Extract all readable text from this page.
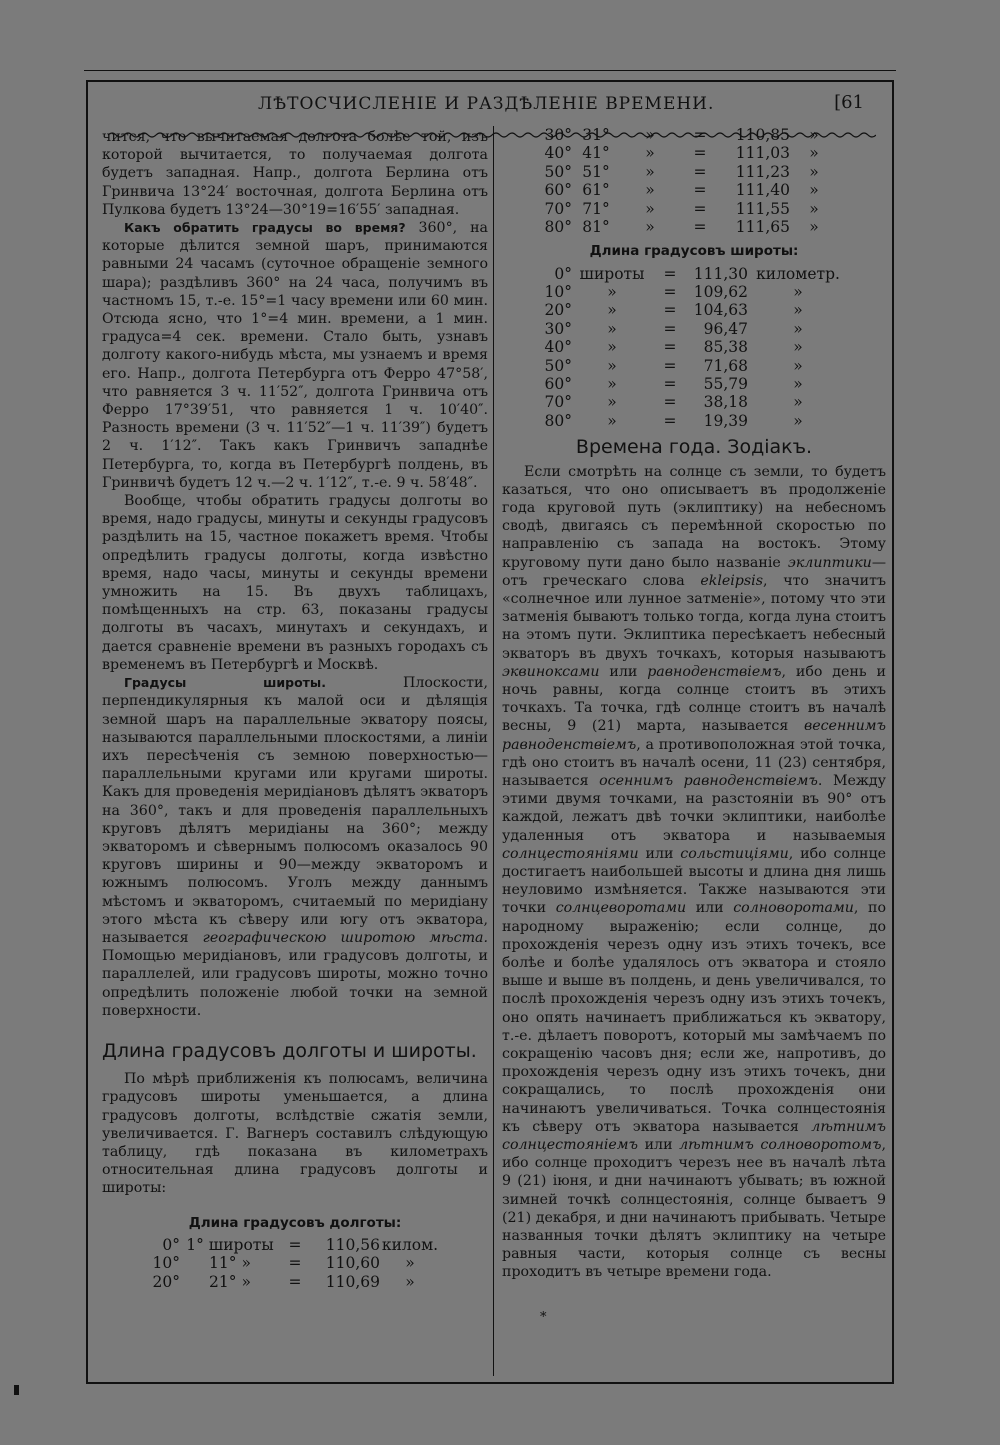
ЛѢТОСЧИСЛЕНІЕ И РАЗДѢЛЕНІЕ ВРЕМЕНИ.	[61

чится, что вычитаемая долгота болѣе той, изъ которой вычитается, то получаемая долгота будетъ западная. Напр., долгота Берлина отъ Гринвича 13°24′ восточная, долгота Берлина отъ Пулкова будетъ 13°24—30°19=16′55′ западная.

Какъ обратить градусы во время? 360°, на которые дѣлится земной шаръ, принимаются равными 24 часамъ (суточное обращеніе земного шара); раздѣливъ 360° на 24 часа, получимъ въ частномъ 15, т.-е. 15°=1 часу времени или 60 мин. Отсюда ясно, что 1°=4 мин. времени, а 1 мин. градуса=4 сек. времени. Стало быть, узнавъ долготу какого-нибудь мѣста, мы узнаемъ и время его. Напр., долгота Петербурга отъ Ферро 47°58′, что равняется 3 ч. 11′52″, долгота Гринвича отъ Ферро 17°39′51, что равняется 1 ч. 10′40″. Разность времени (3 ч. 11′52″—1 ч. 11′39″) будетъ 2 ч. 1′12″. Такъ какъ Гринвичъ западнѣе Петербурга, то, когда въ Петербургѣ полдень, въ Гринвичѣ будетъ 12 ч.—2 ч. 1′12″, т.-е. 9 ч. 58′48″.

Вообще, чтобы обратить градусы долготы во время, надо градусы, минуты и секунды градусовъ раздѣлить на 15, частное покажетъ время. Чтобы опредѣлить градусы долготы, когда извѣстно время, надо часы, минуты и секунды времени умножить на 15. Въ двухъ таблицахъ, помѣщенныхъ на стр. 63, показаны градусы долготы въ часахъ, минутахъ и секундахъ, и дается сравненіе времени въ разныхъ городахъ съ временемъ въ Петербургѣ и Москвѣ.

Градусы широты. Плоскости, перпендикулярныя къ малой оси и дѣлящія земной шаръ на параллельные экватору поясы, называются параллельными плоскостями, а линіи ихъ пересѣченія съ земною поверхностью—параллельными кругами или кругами широты. Какъ для проведенія меридіановъ дѣлятъ экваторъ на 360°, такъ и для проведенія параллельныхъ круговъ дѣлятъ меридіаны на 360°; между экваторомъ и сѣвернымъ полюсомъ оказалось 90 круговъ ширины и 90—между экваторомъ и южнымъ полюсомъ. Уголъ между даннымъ мѣстомъ и экваторомъ, считаемый по меридіану этого мѣста къ сѣверу или югу отъ экватора, называется географическою широтою мѣста. Помощью меридіановъ, или градусовъ долготы, и параллелей, или градусовъ широты, можно точно опредѣлить положеніе любой точки на земной поверхности.

Длина градусовъ долготы и широты.

По мѣрѣ приближенія къ полюсамъ, величина градусовъ широты уменьшается, а длина градусовъ долготы, вслѣдствіе сжатія земли, увеличивается. Г. Вагнеръ составилъ слѣдующую таблицу, гдѣ показана въ километрахъ относительная длина градусовъ долготы и широты:

Длина градусовъ долготы:
0°	1° широты	=	110,56	килом.
10°	11° »	=	110,60	»
20°	21° »	=	110,69	»
*
30°	31°	»	=	110,85	»
40°	41°	»	=	111,03	»
50°	51°	»	=	111,23	»
60°	61°	»	=	111,40	»
70°	71°	»	=	111,55	»
80°	81°	»	=	111,65	»
Длина градусовъ широты:
0°	широты	=	111,30	километр.
10°	»	=	109,62	»
20°	»	=	104,63	»
30°	»	=	96,47	»
40°	»	=	85,38	»
50°	»	=	71,68	»
60°	»	=	55,79	»
70°	»	=	38,18	»
80°	»	=	19,39	»
Времена года. Зодіакъ.

Если смотрѣть на солнце съ земли, то будетъ казаться, что оно описываетъ въ продолженіе года круговой путь (эклиптику) на небесномъ сводѣ, двигаясь съ перемѣнной скоростью по направленію съ запада на востокъ. Этому круговому пути дано было названіе эклиптики—отъ греческаго слова ekleipsis, что значитъ «солнечное или лунное затменіе», потому что эти затменія бываютъ только тогда, когда луна стоитъ на этомъ пути. Эклиптика пересѣкаетъ небесный экваторъ въ двухъ точкахъ, которыя называютъ эквиноксами или равноденствіемъ, ибо день и ночь равны, когда солнце стоитъ въ этихъ точкахъ. Та точка, гдѣ солнце стоитъ въ началѣ весны, 9 (21) марта, называется весеннимъ равноденствіемъ, а противоположная этой точка, гдѣ оно стоитъ въ началѣ осени, 11 (23) сентября, называется осеннимъ равноденствіемъ. Между этими двумя точками, на разстояніи въ 90° отъ каждой, лежатъ двѣ точки эклиптики, наиболѣе удаленныя отъ экватора и называемыя солнцестояніями или сольстиціями, ибо солнце достигаетъ наибольшей высоты и длина дня лишь неуловимо измѣняется. Также называются эти точки солнцеворотами или солноворотами, по народному выраженію; если солнце, до прохожденія черезъ одну изъ этихъ точекъ, все болѣе и болѣе удалялось отъ экватора и стояло выше и выше въ полдень, и день увеличивался, то послѣ прохожденія черезъ одну изъ этихъ точекъ, оно опять начинаетъ приближаться къ экватору, т.-е. дѣлаетъ поворотъ, который мы замѣчаемъ по сокращенію часовъ дня; если же, напротивъ, до прохожденія черезъ одну изъ этихъ точекъ, дни сокращались, то послѣ прохожденія они начинаютъ увеличиваться. Точка солнцестоянія къ сѣверу отъ экватора называется лѣтнимъ солнцестояніемъ или лѣтнимъ солноворотомъ, ибо солнце проходитъ черезъ нее въ началѣ лѣта 9 (21) іюня, и дни начинаютъ убывать; въ южной зимней точкѣ солнцестоянія, солнце бываетъ 9 (21) декабря, и дни начинаютъ прибывать. Четыре названныя точки дѣлятъ эклиптику на четыре равныя части, которыя солнце съ весны проходитъ въ четыре времени года.
